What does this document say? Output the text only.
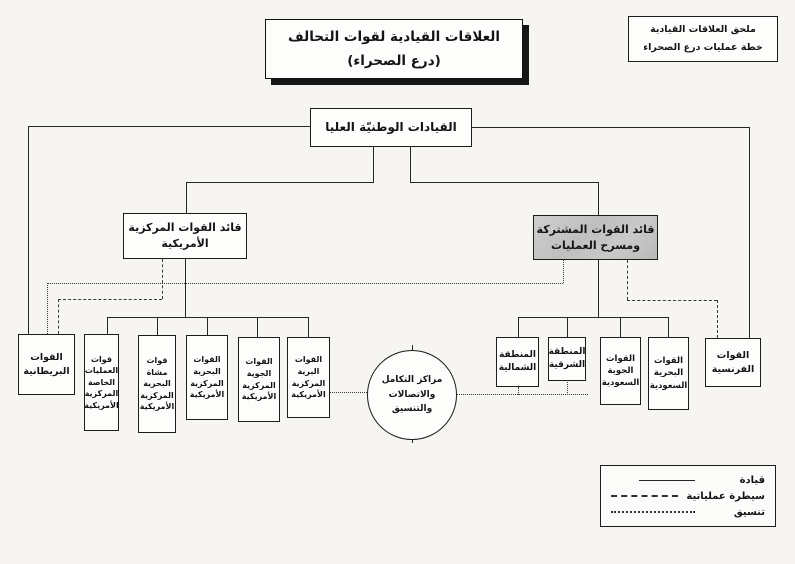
العلاقات القيادية لقوات التحالف
(درع الصحراء)
ملحق العلاقات القيادية
خطة عمليات درع الصحراء
القيادات الوطنيّة العليا
قائد القوات المركزية الأمريكية
قائد القوات المشتركة ومسرح العمليات
القوات البريطانية
قوات العمليات الخاصة المركزية الأمريكية
قوات مشاة البحرية المركزية الأمريكية
القوات البحرية المركزية الأمريكية
القوات الجوية المركزية الأمريكية
القوات البرية المركزية الأمريكية
مراكز التكامل والاتصالات والتنسيق
المنطقة الشمالية
المنطقة الشرقية
القوات الجوية السعودية
القوات البحرية السعودية
القوات الفرنسية
قيادة
سيطرة عملياتية
تنسيق
